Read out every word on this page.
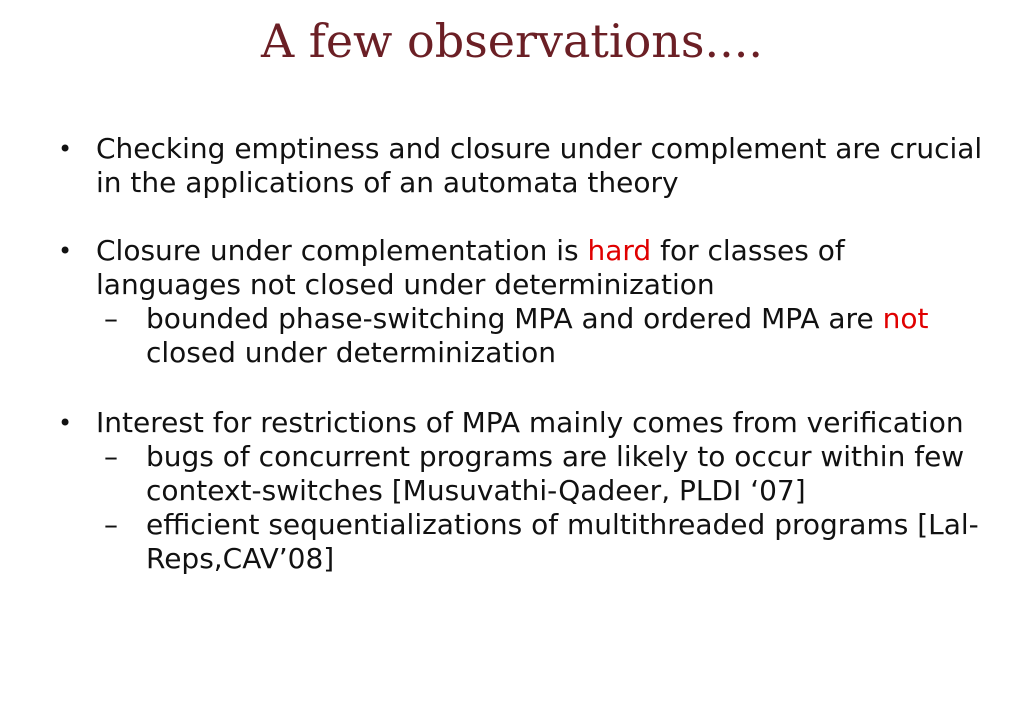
A few observations....
• Checking emptiness and closure under complement are crucial in the applications of an automata theory
• Closure under complementation is hard for classes of languages not closed under determinization
– bounded phase-switching MPA and ordered MPA are not closed under determinization
• Interest for restrictions of MPA mainly comes from verification
– bugs of concurrent programs are likely to occur within few context-switches [Musuvathi-Qadeer, PLDI ‘07]
– efficient sequentializations of multithreaded programs [Lal-Reps,CAV’08]
